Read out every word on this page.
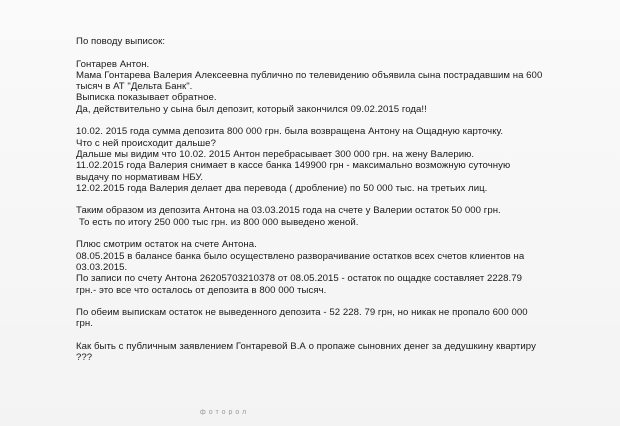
По поводу выписок:
Гонтарев Антон.
Мама Гонтарева Валерия Алексеевна публично по телевидению объявила сына пострадавшим на 600
тысяч в АТ "Дельта Банк".
Выписка показывает обратное.
Да, действительно у сына был депозит, который закончился 09.02.2015 года!!
10.02. 2015 года сумма депозита 800 000 грн. была возвращена Антону на Ощадную карточку.
Что с ней происходит дальше?
Дальше мы видим что 10.02. 2015 Антон перебрасывает 300 000 грн. на жену Валерию.
11.02.2015 года Валерия снимает в кассе банка 149900 грн - максимально возможную суточную
выдачу по нормативам НБУ.
12.02.2015 года Валерия делает два перевода ( дробление) по 50 000 тыс. на третьих лиц.
Таким образом из депозита Антона на 03.03.2015 года на счете у Валерии остаток 50 000 грн.
То есть по итогу 250 000 тыс грн. из 800 000 выведено женой.
Плюс смотрим остаток на счете Антона.
08.05.2015 в балансе банка было осуществлено разворачивание остатков всех счетов клиентов на
03.03.2015.
По записи по счету Антона 26205703210378 от 08.05.2015 - остаток по ощадке составляет 2228.79
грн.- это все что осталось от депозита в 800 000 тысяч.
По обеим выпискам остаток не выведенного депозита - 52 228. 79 грн, но никак не пропало 600 000
грн.
Как быть с публичным заявлением Гонтаревой В.А о пропаже сыновних денег за дедушкину квартиру
???
фоторол
